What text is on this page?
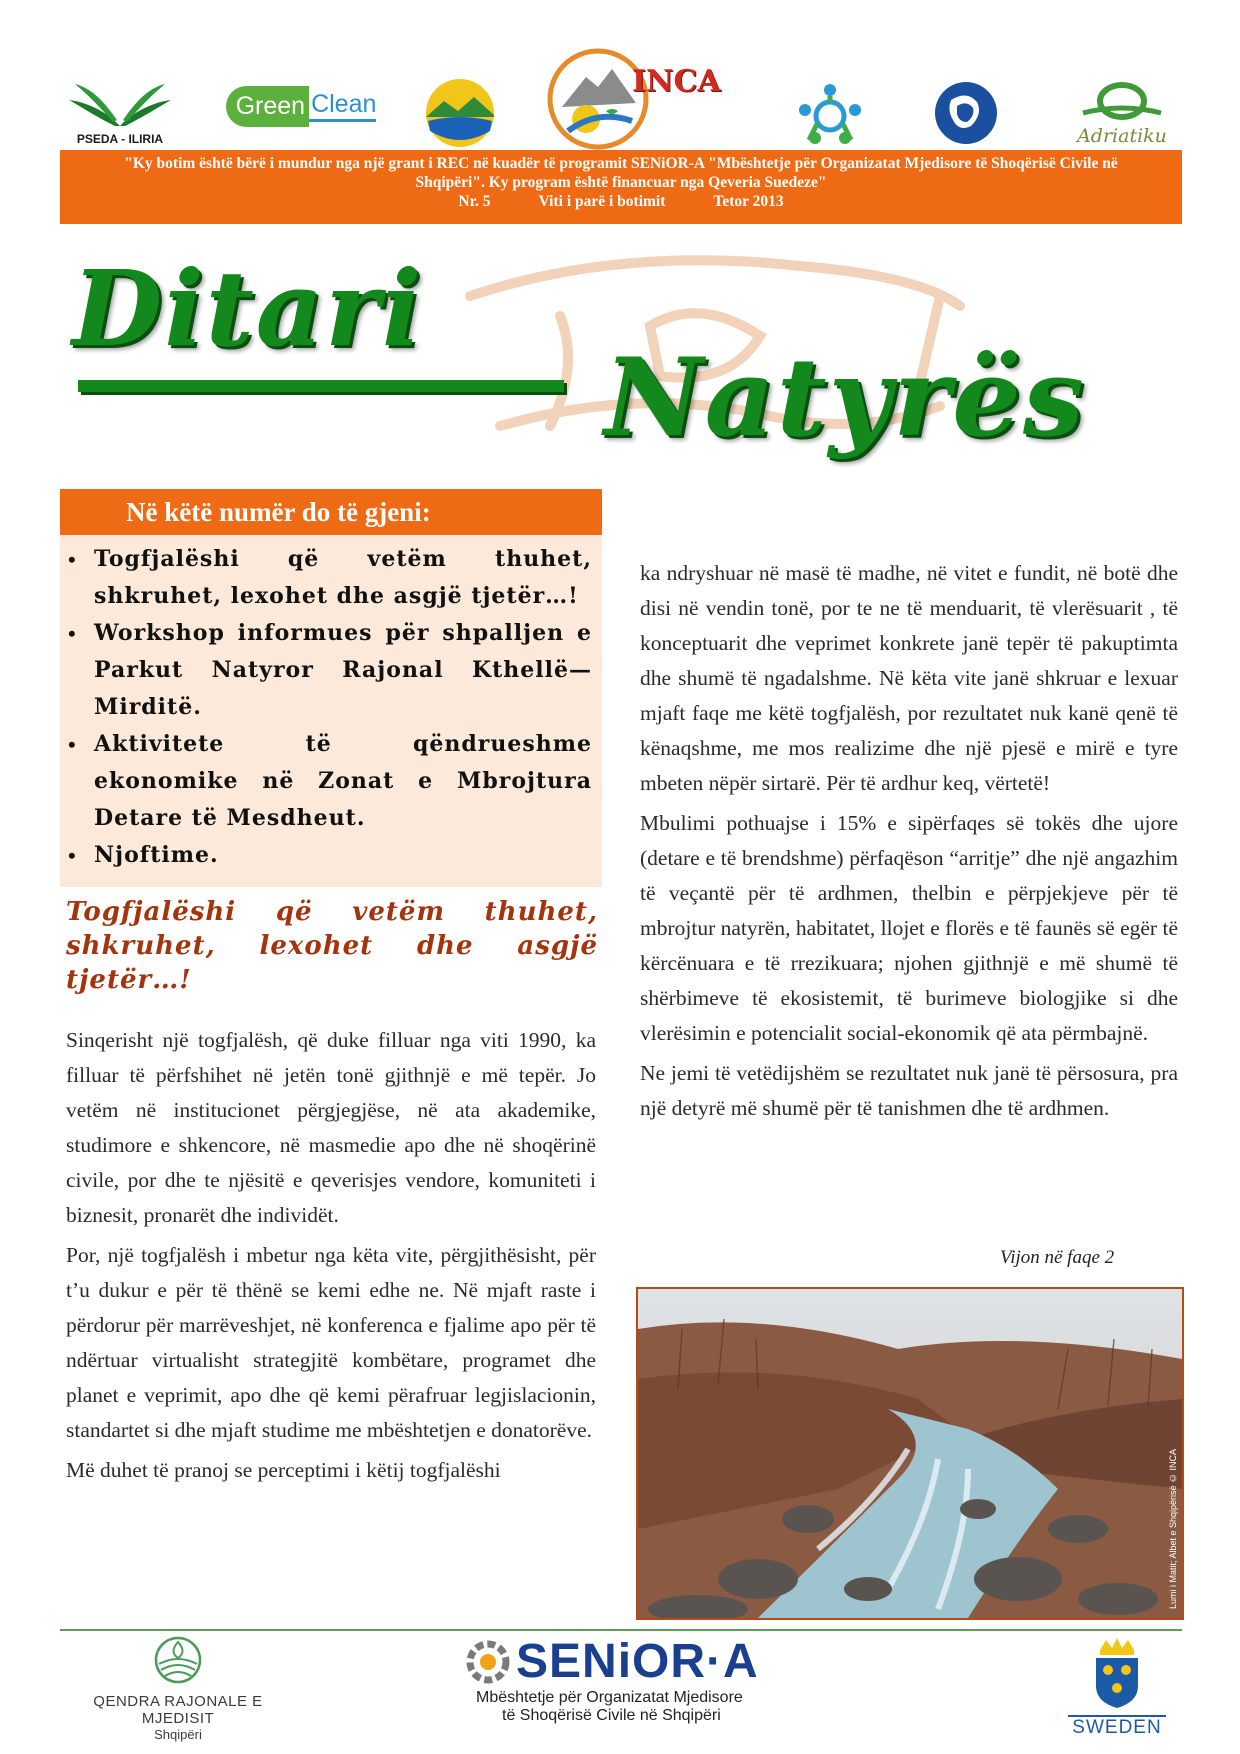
PSEDA - ILIRIA
Green Clean
INCA
Adriatiku
"Ky botim është bërë i mundur nga një grant i REC në kuadër të programit SENiOR-A "Mbështetje për Organizatat Mjedisore të Shoqërisë Civile në
Shqipëri". Ky program është financuar nga Qeveria Suedeze"
Nr. 5	Viti i parë i botimit	Tetor 2013
Ditari
Natyrës
Në këtë numër do të gjeni:
• Togfjalëshi që vetëm thuhet, shkruhet, lexohet dhe asgjë tjetër…!
• Workshop informues për shpalljen e Parkut Natyror Rajonal Kthellë—Mirditë.
• Aktivitete të qëndrueshme ekonomike në Zonat e Mbrojtura Detare të Mesdheut.
• Njoftime.
Togfjalëshi që vetëm thuhet, shkruhet, lexohet dhe asgjë
tjetër…!

Sinqerisht një togfjalësh, që duke filluar nga viti 1990, ka filluar të përfshihet në jetën tonë gjithnjë e më tepër. Jo vetëm në institucionet përgjegjëse, në ata akademike, studimore e shkencore, në masmedie apo dhe në shoqërinë civile, por dhe te njësitë e qeverisjes vendore, komuniteti i biznesit, pronarët dhe individët.

Por, një togfjalësh i mbetur nga këta vite, përgjithësisht, për t’u dukur e për të thënë se kemi edhe ne. Në mjaft raste i përdorur për marrëveshjet, në konferenca e fjalime apo për të ndërtuar virtualisht strategjitë kombëtare, programet dhe planet e veprimit, apo dhe që kemi përafruar legjislacionin, standartet si dhe mjaft studime me mbështetjen e donatorëve.

Më duhet të pranoj se perceptimi i këtij togfjalëshi

ka ndryshuar në masë të madhe, në vitet e fundit, në botë dhe disi në vendin tonë, por te ne të menduarit, të vlerësuarit , të konceptuarit dhe veprimet konkrete janë tepër të pakuptimta dhe shumë të ngadalshme. Në këta vite janë shkruar e lexuar mjaft faqe me këtë togfjalësh, por rezultatet nuk kanë qenë të kënaqshme, me mos realizime dhe një pjesë e mirë e tyre mbeten nëpër sirtarë. Për të ardhur keq, vërtetë!

Mbulimi pothuajse i 15% e sipërfaqes së tokës dhe ujore (detare e të brendshme) përfaqëson “arritje” dhe një angazhim të veçantë për të ardhmen, thelbin e përpjekjeve për të mbrojtur natyrën, habitatet, llojet e florës e të faunës së egër të kërcënuara e të rrezikuara; njohen gjithnjë e më shumë të shërbimeve të ekosistemit, të burimeve biologjike si dhe vlerësimin e potencialit social-ekonomik që ata përmbajnë.

Ne jemi të vetëdijshëm se rezultatet nuk janë të përsosura, pra një detyrë më shumë për të tanishmen dhe të ardhmen.

Vijon në faqe 2
Lumi i Matit; Albet e Shqipërisë © INCA
QENDRA RAJONALE E MJEDISIT
Shqipëri
SENiOR·A
Mbështetje për Organizatat Mjedisore
të Shoqërisë Civile në Shqipëri
SWEDEN
